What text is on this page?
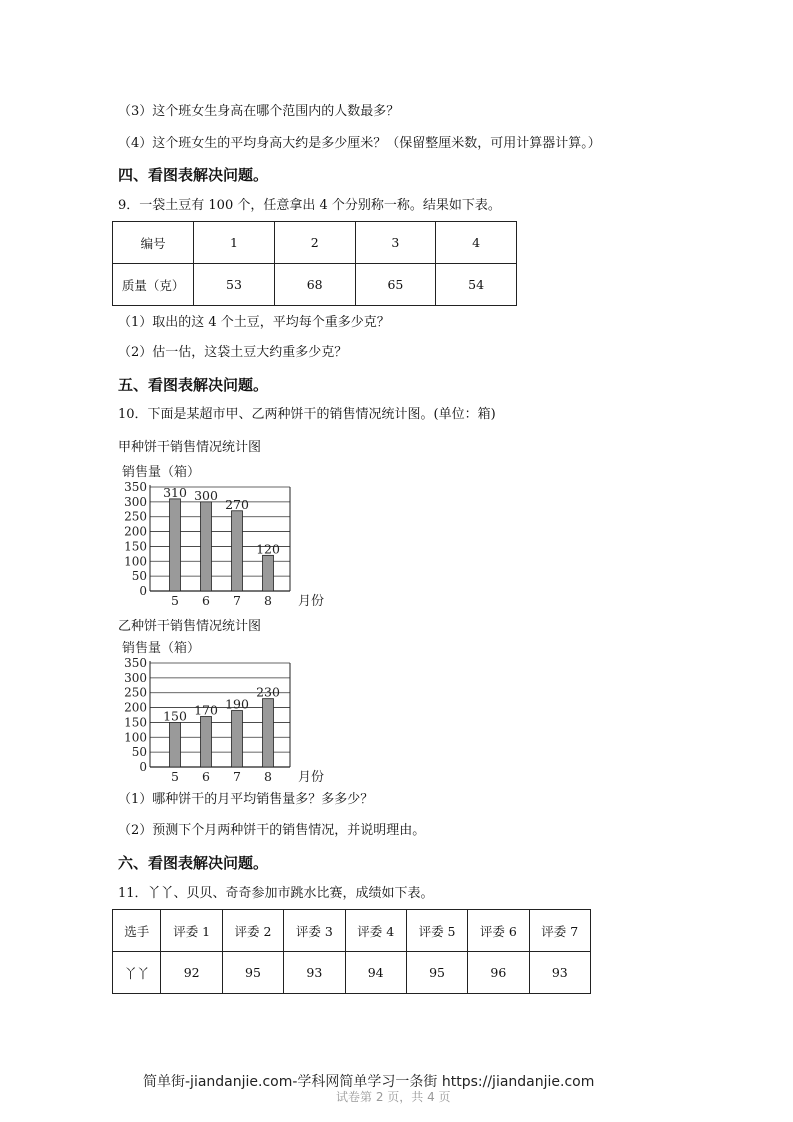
（3）这个班女生身高在哪个范围内的人数最多？
（4）这个班女生的平均身高大约是多少厘米？（保留整厘米数，可用计算器计算。）
四、看图表解决问题。
9．一袋土豆有 100 个，任意拿出 4 个分别称一称。结果如下表。
编号	1	2	3	4
质量（克）	53	68	65	54
（1）取出的这 4 个土豆，平均每个重多少克？
（2）估一估，这袋土豆大约重多少克？
五、看图表解决问题。
10．下面是某超市甲、乙两种饼干的销售情况统计图。(单位：箱)
甲种饼干销售情况统计图
销售量（箱）
0
50
100
150
200
250
300
350 310
5
300
6
270
7
120
8 月份
乙种饼干销售情况统计图
销售量（箱）
0
50
100
150
200
250
300
350
150
5
170
6
190
7
230
8 月份
（1）哪种饼干的月平均销售量多？多多少？
（2）预测下个月两种饼干的销售情况，并说明理由。
六、看图表解决问题。
11．丫丫、贝贝、奇奇参加市跳水比赛，成绩如下表。
选手	评委 1	评委 2	评委 3	评委 4	评委 5	评委 6	评委 7
丫丫	92	95	93	94	95	96	93
试卷第 2 页，共 4 页
简单街-jiandanjie.com-学科网简单学习一条街 https://jiandanjie.com
